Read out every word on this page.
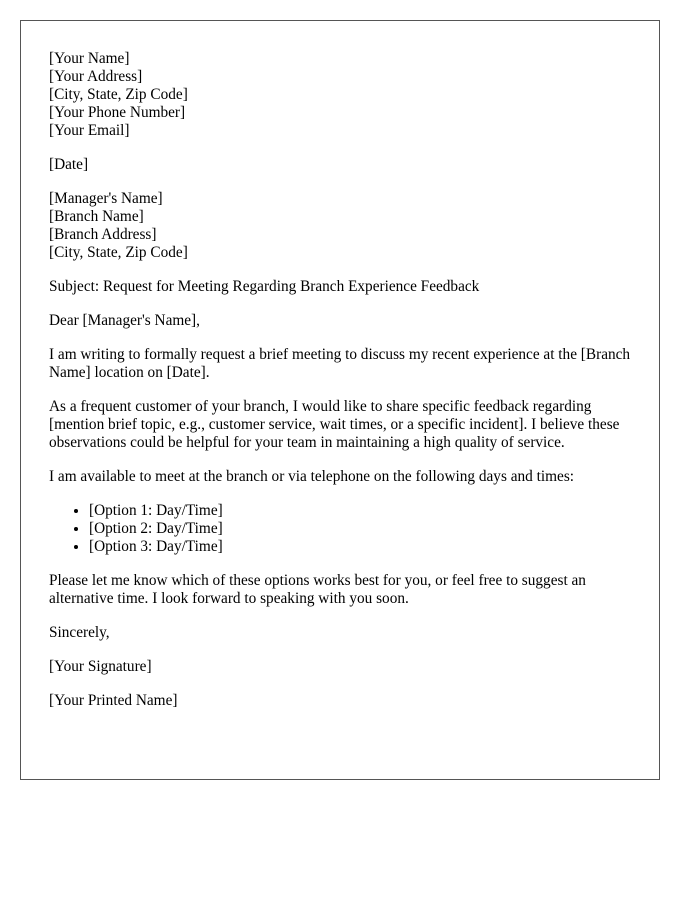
[Your Name]
[Your Address]
[City, State, Zip Code]
[Your Phone Number]
[Your Email]

[Date]

[Manager's Name]
[Branch Name]
[Branch Address]
[City, State, Zip Code]

Subject: Request for Meeting Regarding Branch Experience Feedback

Dear [Manager's Name],

I am writing to formally request a brief meeting to discuss my recent experience at the [Branch Name] location on [Date].

As a frequent customer of your branch, I would like to share specific feedback regarding [mention brief topic, e.g., customer service, wait times, or a specific incident]. I believe these observations could be helpful for your team in maintaining a high quality of service.

I am available to meet at the branch or via telephone on the following days and times:

• [Option 1: Day/Time]
• [Option 2: Day/Time]
• [Option 3: Day/Time]

Please let me know which of these options works best for you, or feel free to suggest an alternative time. I look forward to speaking with you soon.

Sincerely,

[Your Signature]

[Your Printed Name]
